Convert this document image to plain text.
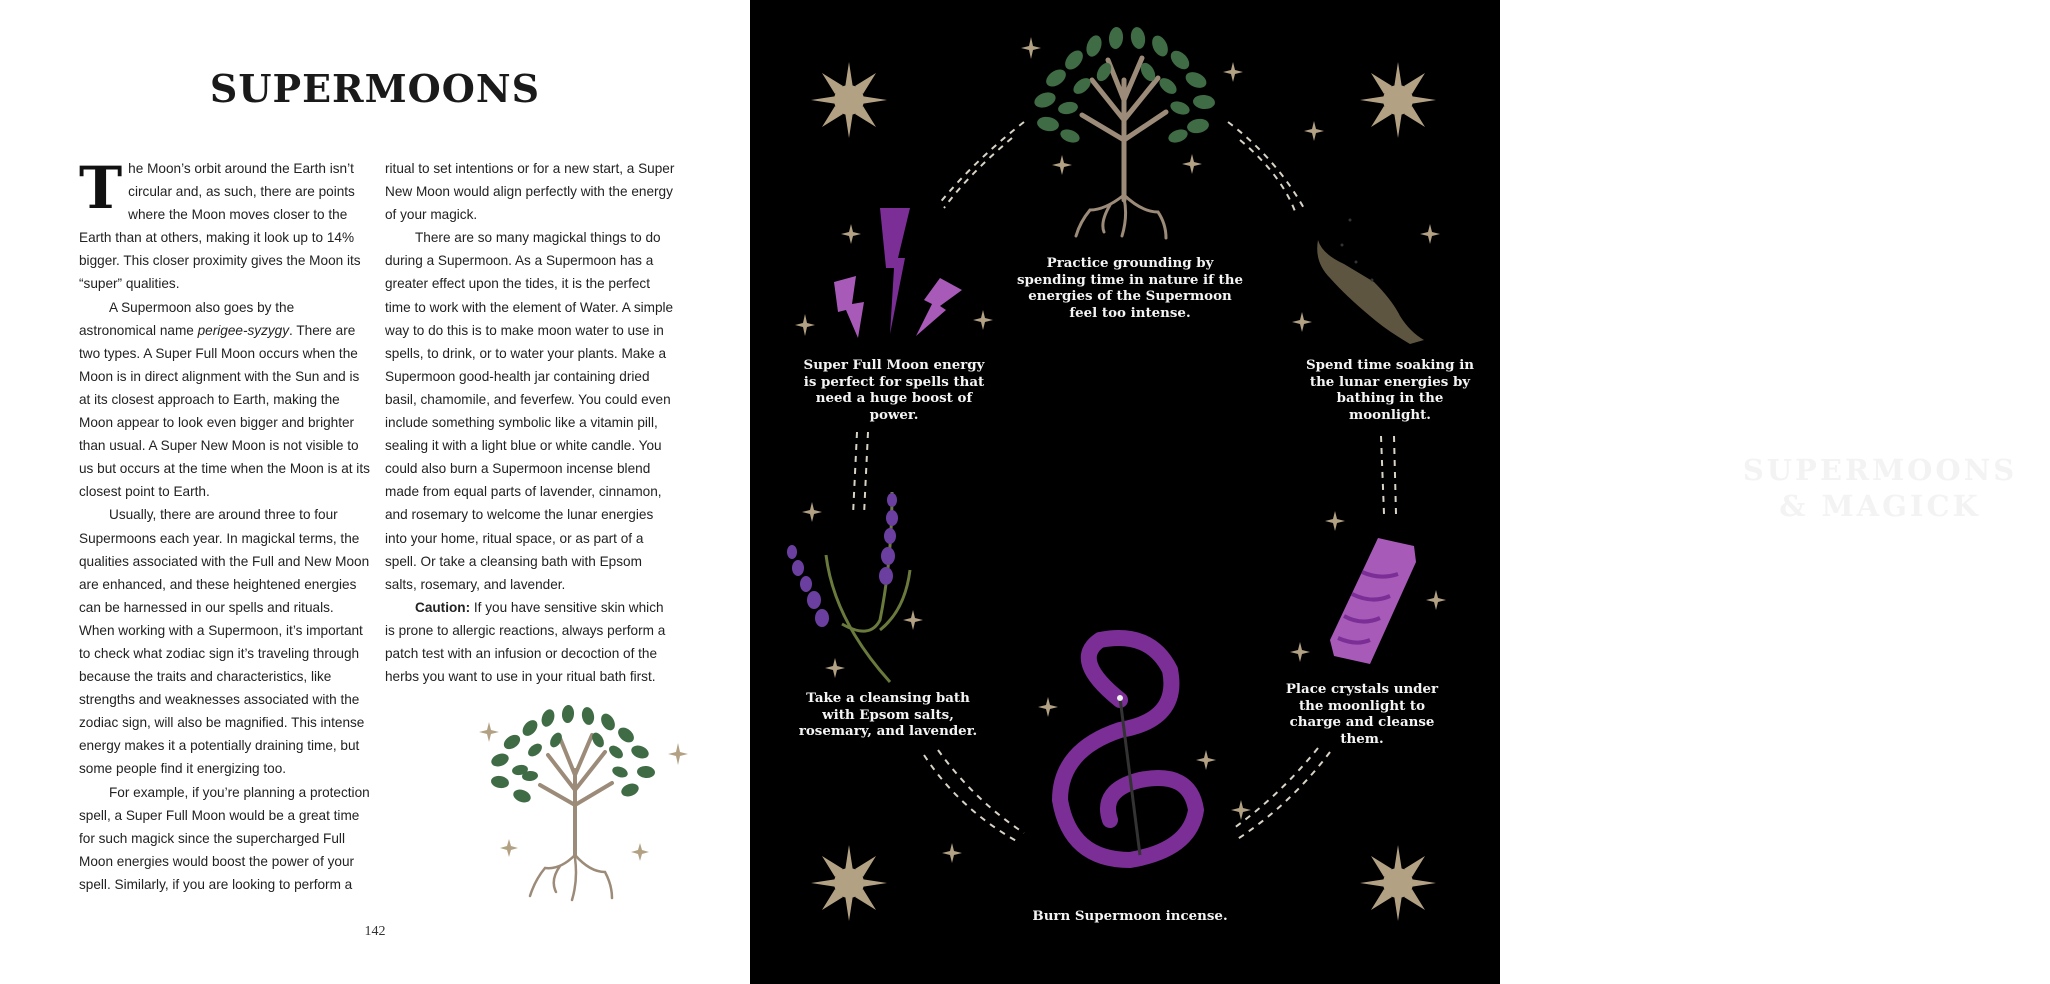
SUPERMOONS

The Moon’s orbit around the Earth isn’t circular and, as such, there are points where the Moon moves closer to the Earth than at others, making it look up to 14% bigger. This closer proximity gives the Moon its “super” qualities.

A Supermoon also goes by the astronomical name perigee-syzygy. There are two types. A Super Full Moon occurs when the Moon is in direct alignment with the Sun and is at its closest approach to Earth, making the Moon appear to look even bigger and brighter than usual. A Super New Moon is not visible to us but occurs at the time when the Moon is at its closest point to Earth.

Usually, there are around three to four Supermoons each year. In magickal terms, the qualities associated with the Full and New Moon are enhanced, and these heightened energies can be harnessed in our spells and rituals. When working with a Supermoon, it’s important to check what zodiac sign it’s traveling through because the traits and characteristics, like strengths and weaknesses associated with the zodiac sign, will also be magnified. This intense energy makes it a potentially draining time, but some people find it energizing too.

For example, if you’re planning a protection spell, a Super Full Moon would be a great time for such magick since the supercharged Full Moon energies would boost the power of your spell. Similarly, if you are looking to perform a

ritual to set intentions or for a new start, a Super New Moon would align perfectly with the energy of your magick.

There are so many magickal things to do during a Supermoon. As a Supermoon has a greater effect upon the tides, it is the perfect time to work with the element of Water. A simple way to do this is to make moon water to use in spells, to drink, or to water your plants. Make a Supermoon good-health jar containing dried basil, chamomile, and feverfew. You could even include something symbolic like a vitamin pill, sealing it with a light blue or white candle. You could also burn a Supermoon incense blend made from equal parts of lavender, cinnamon, and rosemary to welcome the lunar energies into your home, ritual space, or as part of a spell. Or take a cleansing bath with Epsom salts, rosemary, and lavender.

Caution: If you have sensitive skin which is prone to allergic reactions, always perform a patch test with an infusion or decoction of the herbs you want to use in your ritual bath first.

142
SUPERMOONS
& MAGICK
Practice grounding by spending time in nature if the energies of the Supermoon feel too intense.
Super Full Moon energy is perfect for spells that need a huge boost of power.
Spend time soaking in the lunar energies by bathing in the moonlight.
Take a cleansing bath with Epsom salts, rosemary, and lavender.
Place crystals under the moonlight to charge and cleanse them.
Burn Supermoon incense.
